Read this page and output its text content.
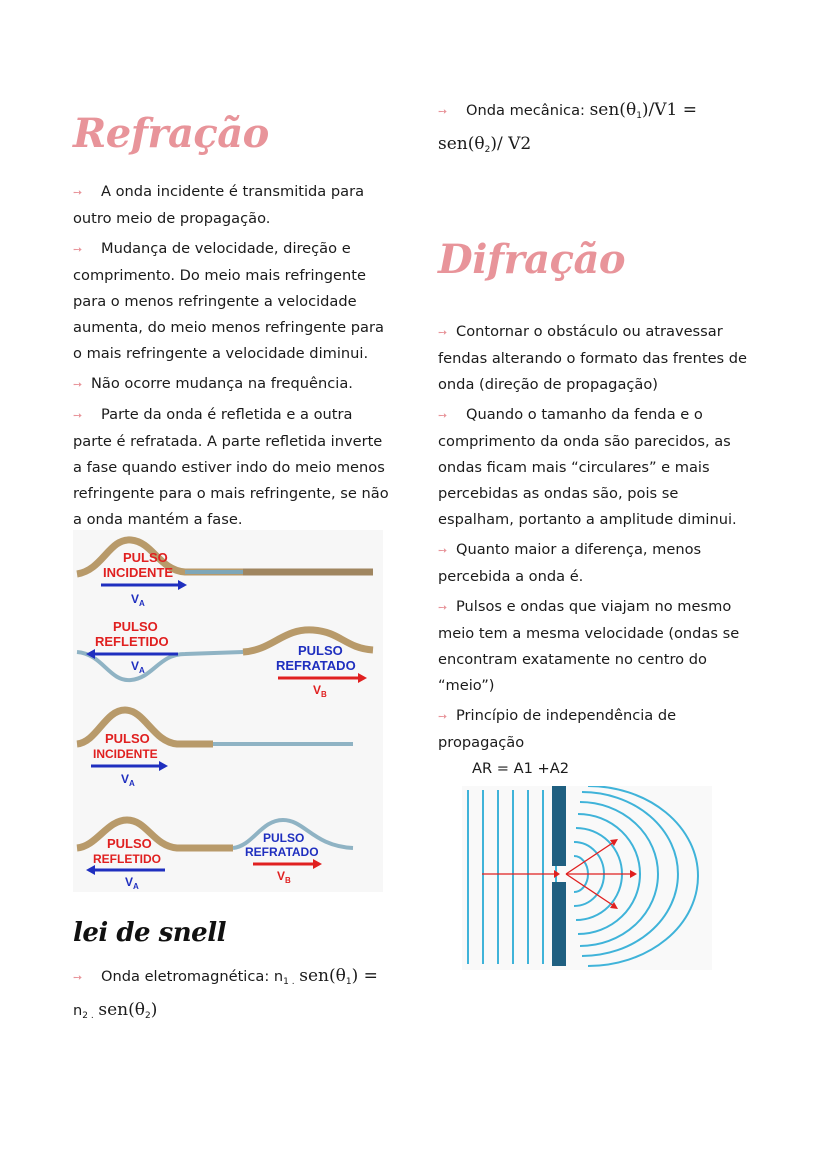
Refração

➙ A onda incidente é transmitida para outro meio de propagação.

➙ Mudança de velocidade, direção e comprimento. Do meio mais refringente para o menos refringente a velocidade aumenta, do meio menos refringente para o mais refringente a velocidade diminui.

➙ Não ocorre mudança na frequência.

➙ Parte da onda é refletida e a outra parte é refratada. A parte refletida inverte a fase quando estiver indo do meio menos refringente para o mais refringente, se não a onda mantém a fase.

PULSO
INCIDENTE
$V_A$
PULSO
REFLETIDO
$V_A$
PULSO
REFRATADO
$V_B$
PULSO
INCIDENTE
$V_A$
PULSO
REFLETIDO
$V_A$
PULSO
REFRATADO
$V_B$
lei de snell

➙ Onda eletromagnética: $n_{1 .}$ $sen(\theta_1)$ =
$n_{2 .}$ $sen(\theta_2)$

➙ Onda mecânica: $sen(\theta_1)/V1$ =
$sen(\theta_2)/$ V2

Difração

➙ Contornar o obstáculo ou atravessar fendas alterando o formato das frentes de onda (direção de propagação)

➙ Quando o tamanho da fenda e o comprimento da onda são parecidos, as ondas ficam mais “circulares” e mais percebidas as ondas são, pois se espalham, portanto a amplitude diminui.

➙ Quanto maior a diferença, menos percebida a onda é.

➙ Pulsos e ondas que viajam no mesmo meio tem a mesma velocidade (ondas se encontram exatamente no centro do “meio”)

➙ Princípio de independência de propagação

AR = A1 +A2
